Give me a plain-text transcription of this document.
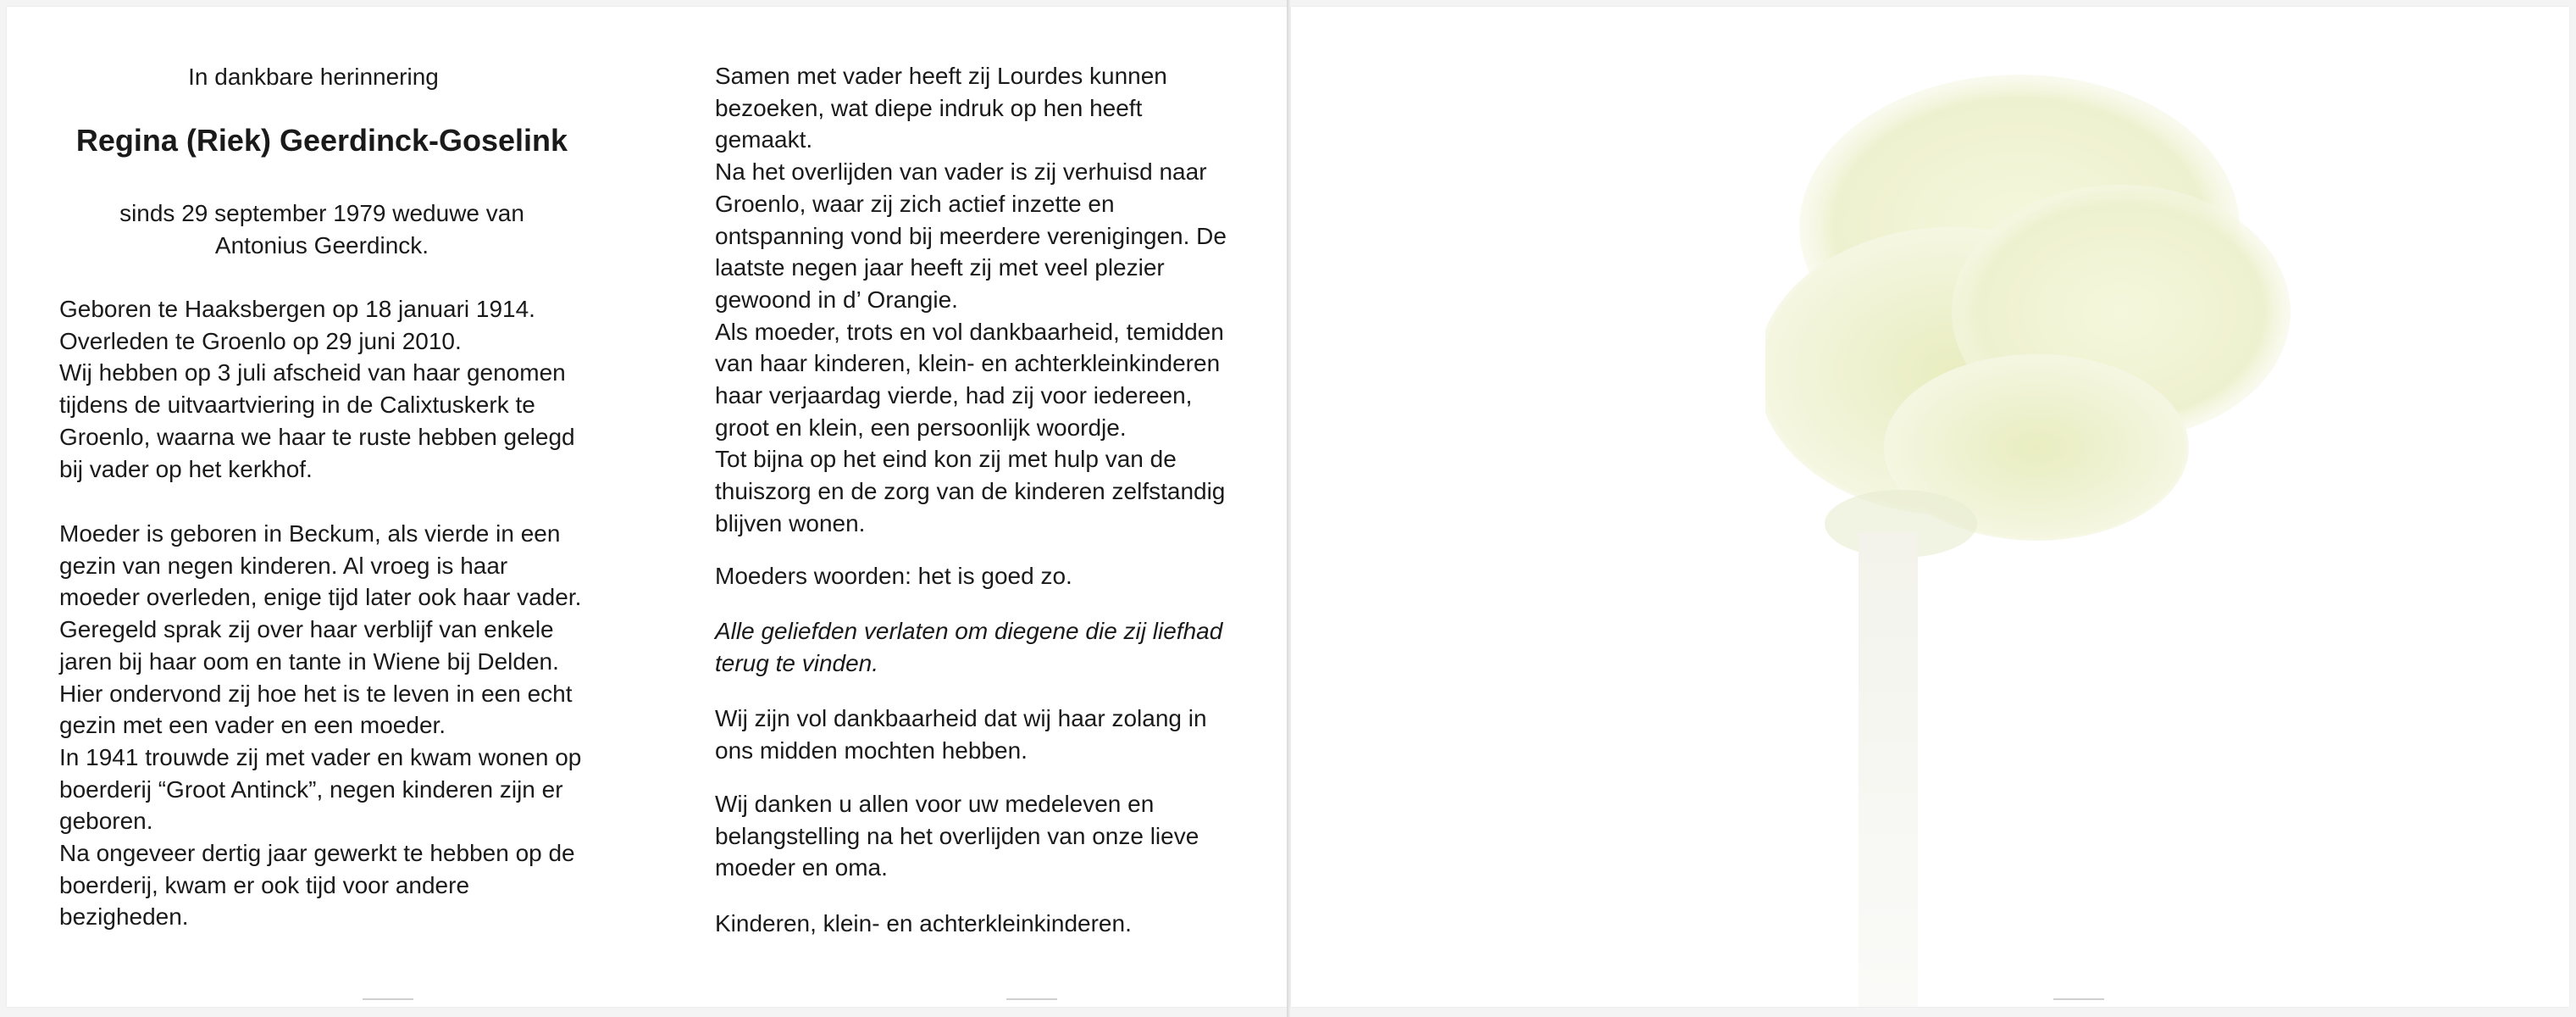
In dankbare herinnering
Regina (Riek) Geerdinck-Goselink
sinds 29 september 1979 weduwe van
Antonius Geerdinck.

Geboren te Haaksbergen op 18 januari 1914.

Overleden te Groenlo op 29 juni 2010.

Wij hebben op 3 juli afscheid van haar genomen

tijdens de uitvaartviering in de Calixtuskerk te

Groenlo, waarna we haar te ruste hebben gelegd

bij vader op het kerkhof.

Moeder is geboren in Beckum, als vierde in een

gezin van negen kinderen. Al vroeg is haar

moeder overleden, enige tijd later ook haar vader.

Geregeld sprak zij over haar verblijf van enkele

jaren bij haar oom en tante in Wiene bij Delden.

Hier ondervond zij hoe het is te leven in een echt

gezin met een vader en een moeder.

In 1941 trouwde zij met vader en kwam wonen op

boerderij “Groot Antinck”, negen kinderen zijn er

geboren.

Na ongeveer dertig jaar gewerkt te hebben op de

boerderij, kwam er ook tijd voor andere

bezigheden.

Samen met vader heeft zij Lourdes kunnen

bezoeken, wat diepe indruk op hen heeft

gemaakt.

Na het overlijden van vader is zij verhuisd naar

Groenlo, waar zij zich actief inzette en

ontspanning vond bij meerdere verenigingen. De

laatste negen jaar heeft zij met veel plezier

gewoond in d’ Orangie.

Als moeder, trots en vol dankbaarheid, temidden

van haar kinderen, klein- en achterkleinkinderen

haar verjaardag vierde, had zij voor iedereen,

groot en klein, een persoonlijk woordje.

Tot bijna op het eind kon zij met hulp van de

thuiszorg en de zorg van de kinderen zelfstandig

blijven wonen.

Moeders woorden: het is goed zo.

Alle geliefden verlaten om diegene die zij liefhad

terug te vinden.

Wij zijn vol dankbaarheid dat wij haar zolang in

ons midden mochten hebben.

Wij danken u allen voor uw medeleven en

belangstelling na het overlijden van onze lieve

moeder en oma.

Kinderen, klein- en achterkleinkinderen.
